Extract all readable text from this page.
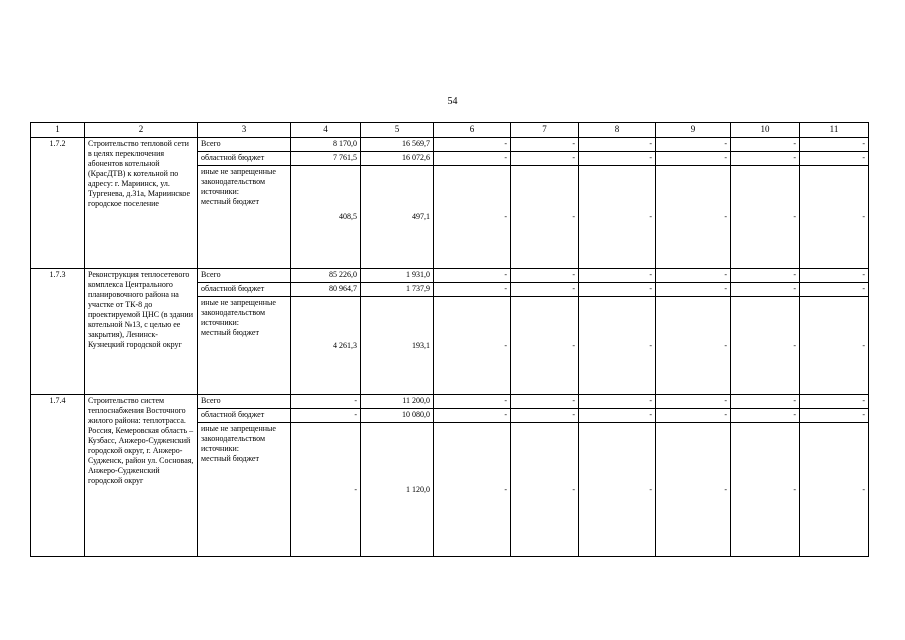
54
1	2	3	4	5	6	7	8	9	10	11
1.7.2	Строительство тепловой сети в целях переключения абонентов котельной (КрасДТВ) к котельной по адресу: г. Мариинск, ул. Тургенева, д.31а, Мариинское городское поселение	Всего	8 170,0	16 569,7	-	-	-	-	-	-
		областной бюджет	7 761,5	16 072,6	-	-	-	-	-	-

		иные не запрещенные законодательством источники:
местный бюджет	408,5	497,1	-	-	-	-	-	-
1.7.3	Реконструкция теплосетевого комплекса Центрального планировочного района на участке от ТК-8 до проектируемой ЦНС (в здании котельной №13, с целью ее закрытия), Ленинск-Кузнецкий городской округ	Всего	85 226,0	1 931,0	-	-	-	-	-	-
		областной бюджет	80 964,7	1 737,9	-	-	-	-	-	-

		иные не запрещенные законодательством источники:
местный бюджет	4 261,3	193,1	-	-	-	-	-	-
1.7.4	Строительство систем теплоснабжения Восточного жилого района: теплотрасса. Россия, Кемеровская область – Кузбасс, Анжеро-Судженский городской округ, г. Анжеро-Судженск, район ул. Сосновая, Анжеро-Судженский городской округ	Всего	-	11 200,0	-	-	-	-	-	-
		областной бюджет	-	10 080,0	-	-	-	-	-	-

		иные не запрещенные законодательством источники:
местный бюджет	-	1 120,0	-	-	-	-	-	-
